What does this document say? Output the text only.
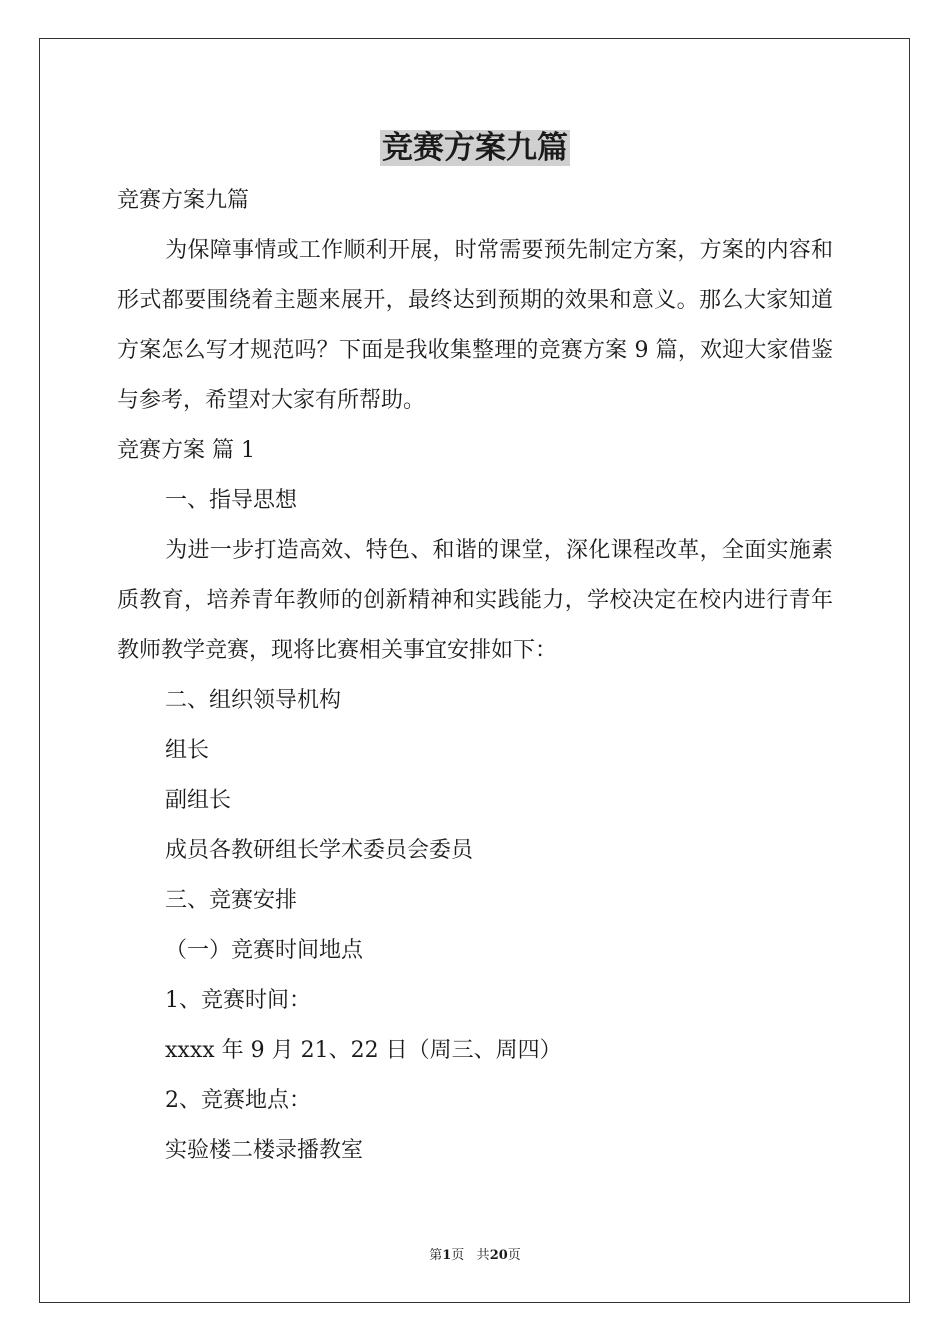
竞赛方案九篇
竞赛方案九篇
为保障事情或工作顺利开展，时常需要预先制定方案，方案的内容和形式都要围绕着主题来展开，最终达到预期的效果和意义。那么大家知道方案怎么写才规范吗？下面是我收集整理的竞赛方案 9 篇，欢迎大家借鉴与参考，希望对大家有所帮助。
竞赛方案 篇 1
一、指导思想
为进一步打造高效、特色、和谐的课堂，深化课程改革，全面实施素质教育，培养青年教师的创新精神和实践能力，学校决定在校内进行青年教师教学竞赛，现将比赛相关事宜安排如下：
二、组织领导机构
组长
副组长
成员各教研组长学术委员会委员
三、竞赛安排
（一）竞赛时间地点
1、竞赛时间：
xxxx 年 9 月 21、22 日（周三、周四）
2、竞赛地点：
实验楼二楼录播教室
第1页 共20页
